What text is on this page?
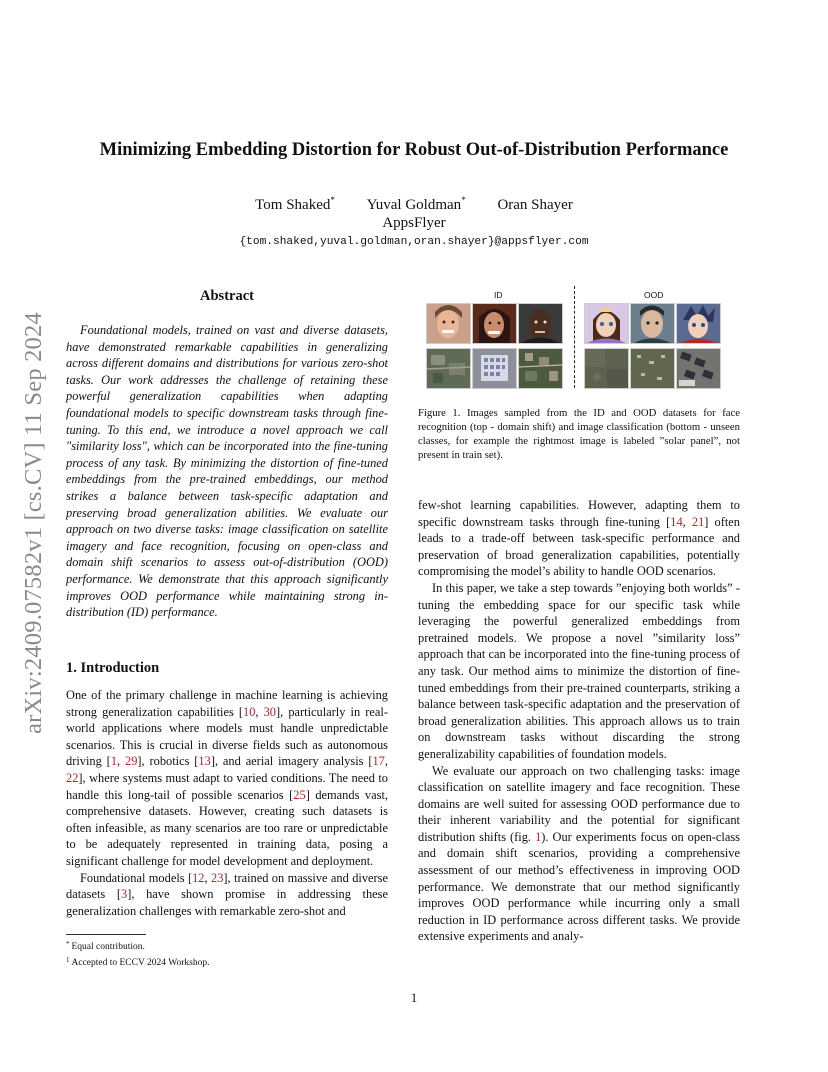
arXiv:2409.07582v1 [cs.CV] 11 Sep 2024
Minimizing Embedding Distortion for Robust Out-of-Distribution Performance
Tom Shaked* Yuval Goldman* Oran Shayer
AppsFlyer
{tom.shaked,yuval.goldman,oran.shayer}@appsflyer.com
Abstract

Foundational models, trained on vast and diverse datasets, have demonstrated remarkable capabilities in generalizing across different domains and distributions for various zero-shot tasks. Our work addresses the challenge of retaining these powerful generalization capabilities when adapting foundational models to specific downstream tasks through fine-tuning. To this end, we introduce a novel approach we call "similarity loss", which can be incorporated into the fine-tuning process of any task. By minimizing the distortion of fine-tuned embeddings from the pre-trained embeddings, our method strikes a balance between task-specific adaptation and preserving broad generalization abilities. We evaluate our approach on two diverse tasks: image classification on satellite imagery and face recognition, focusing on open-class and domain shift scenarios to assess out-of-distribution (OOD) performance. We demonstrate that this approach significantly improves OOD performance while maintaining strong in-distribution (ID) performance.

1. Introduction

One of the primary challenge in machine learning is achieving strong generalization capabilities [10, 30], particularly in real-world applications where models must handle unpredictable scenarios. This is crucial in diverse fields such as autonomous driving [1, 29], robotics [13], and aerial imagery analysis [17, 22], where systems must adapt to varied conditions. The need to handle this long-tail of possible scenarios [25] demands vast, comprehensive datasets. However, creating such datasets is often infeasible, as many scenarios are too rare or unpredictable to be adequately represented in training data, posing a significant challenge for model development and deployment.

Foundational models [12, 23], trained on massive and diverse datasets [3], have shown promise in addressing these generalization challenges with remarkable zero-shot and

* Equal contribution.
$^1$ Accepted to ECCV 2024 Workshop.
ID	OOD
Figure 1. Images sampled from the ID and OOD datasets for face recognition (top - domain shift) and image classification (bottom - unseen classes, for example the rightmost image is labeled ”solar panel”, not present in train set).

few-shot learning capabilities. However, adapting them to specific downstream tasks through fine-tuning [14, 21] often leads to a trade-off between task-specific performance and preservation of broad generalization capabilities, potentially compromising the model’s ability to handle OOD scenarios.

In this paper, we take a step towards ”enjoying both worlds” - tuning the embedding space for our specific task while leveraging the powerful generalized embeddings from pretrained models. We propose a novel ”similarity loss” approach that can be incorporated into the fine-tuning process of any task. Our method aims to minimize the distortion of fine-tuned embeddings from their pre-trained counterparts, striking a balance between task-specific adaptation and the preservation of broad generalization abilities. This approach allows us to train on downstream tasks without discarding the strong generalizability capabilities of foundation models.

We evaluate our approach on two challenging tasks: image classification on satellite imagery and face recognition. These domains are well suited for assessing OOD performance due to their inherent variability and the potential for significant distribution shifts (fig. 1). Our experiments focus on open-class and domain shift scenarios, providing a comprehensive assessment of our method’s effectiveness in improving OOD performance. We demonstrate that our method significantly improves OOD performance while incurring only a small reduction in ID performance across different tasks. We provide extensive experiments and analy-

1
